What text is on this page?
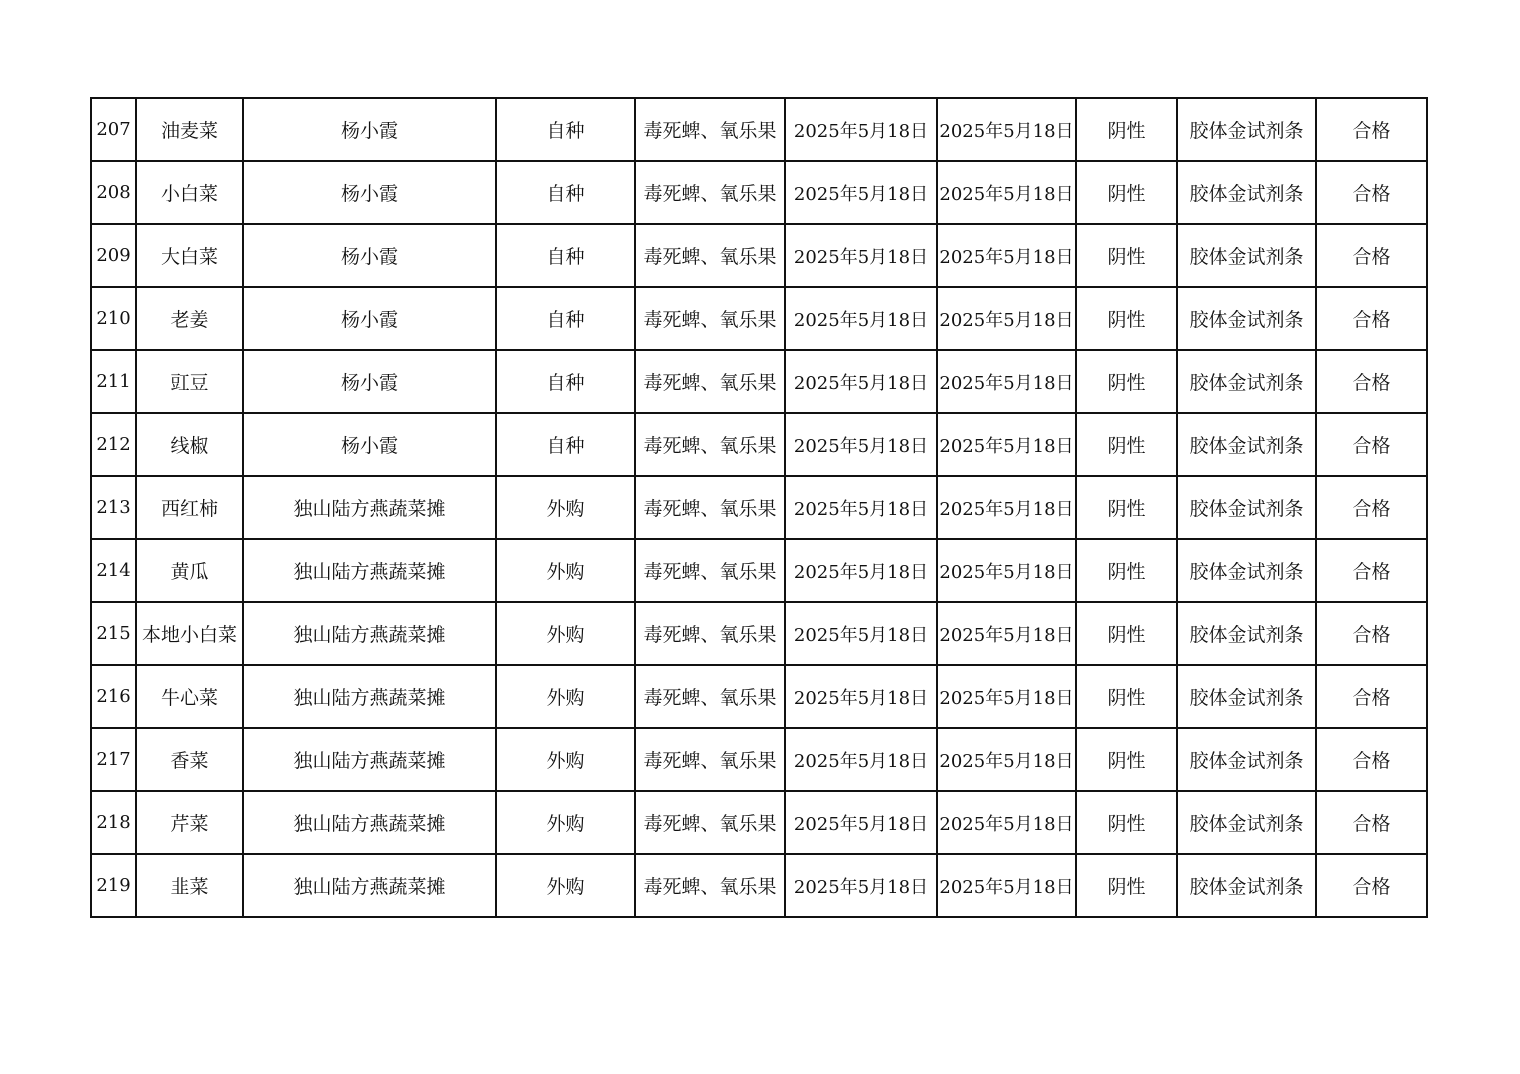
207	油麦菜	杨小霞	自种	毒死蜱、氧乐果	2025年5月18日	2025年5月18日	阴性	胶体金试剂条	合格
208	小白菜	杨小霞	自种	毒死蜱、氧乐果	2025年5月18日	2025年5月18日	阴性	胶体金试剂条	合格
209	大白菜	杨小霞	自种	毒死蜱、氧乐果	2025年5月18日	2025年5月18日	阴性	胶体金试剂条	合格
210	老姜	杨小霞	自种	毒死蜱、氧乐果	2025年5月18日	2025年5月18日	阴性	胶体金试剂条	合格
211	豇豆	杨小霞	自种	毒死蜱、氧乐果	2025年5月18日	2025年5月18日	阴性	胶体金试剂条	合格
212	线椒	杨小霞	自种	毒死蜱、氧乐果	2025年5月18日	2025年5月18日	阴性	胶体金试剂条	合格
213	西红柿	独山陆方燕蔬菜摊	外购	毒死蜱、氧乐果	2025年5月18日	2025年5月18日	阴性	胶体金试剂条	合格
214	黄瓜	独山陆方燕蔬菜摊	外购	毒死蜱、氧乐果	2025年5月18日	2025年5月18日	阴性	胶体金试剂条	合格
215	本地小白菜	独山陆方燕蔬菜摊	外购	毒死蜱、氧乐果	2025年5月18日	2025年5月18日	阴性	胶体金试剂条	合格
216	牛心菜	独山陆方燕蔬菜摊	外购	毒死蜱、氧乐果	2025年5月18日	2025年5月18日	阴性	胶体金试剂条	合格
217	香菜	独山陆方燕蔬菜摊	外购	毒死蜱、氧乐果	2025年5月18日	2025年5月18日	阴性	胶体金试剂条	合格
218	芹菜	独山陆方燕蔬菜摊	外购	毒死蜱、氧乐果	2025年5月18日	2025年5月18日	阴性	胶体金试剂条	合格
219	韭菜	独山陆方燕蔬菜摊	外购	毒死蜱、氧乐果	2025年5月18日	2025年5月18日	阴性	胶体金试剂条	合格
